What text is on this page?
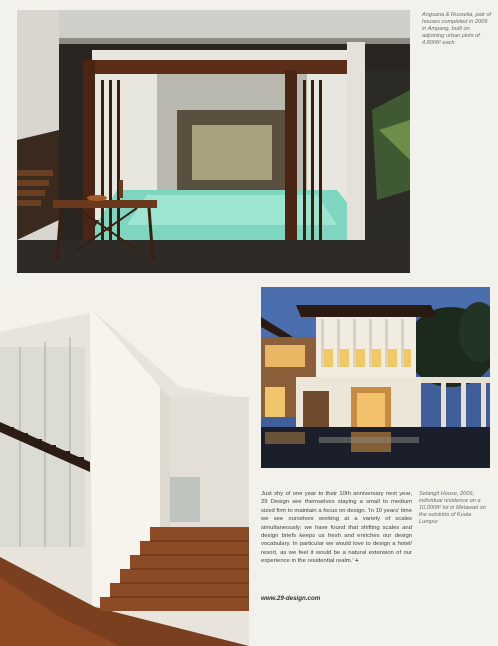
Angsana & Russelia, pair of houses completed in 2009 in Ampang, built on adjoining urban plots of 4,800ft² each
Just shy of one year to their 10th anniversary next year, 29 Design see themselves staying a small to medium sized firm to maintain a focus on design. 'In 10 years' time we see ourselves working at a variety of scales simultaneously; we have found that shifting scales and design briefs keeps us fresh and enriches our design vocabulary. In particular we would love to design a hotel/ resort, as we feel it would be a natural extension of our experience in the residential realm.' +
Selangit House, 2009, individual residence on a 10,000ft² lot in Melawati on the outskirts of Kuala Lumpur
www.29-design.com
